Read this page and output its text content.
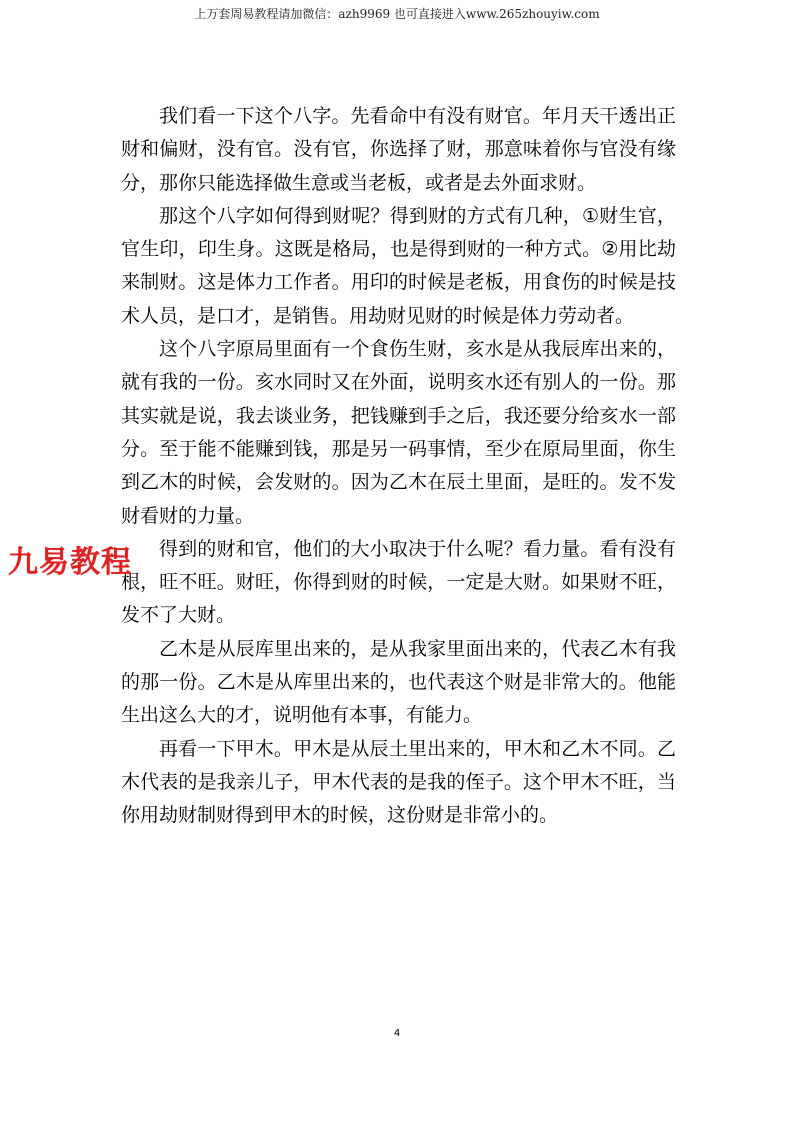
上万套周易教程请加微信：azh9969 也可直接进入www.265zhouyiw.com

我们看一下这个八字。先看命中有没有财官。年月天干透出正财和偏财，没有官。没有官，你选择了财，那意味着你与官没有缘分，那你只能选择做生意或当老板，或者是去外面求财。

那这个八字如何得到财呢？得到财的方式有几种，①财生官，官生印，印生身。这既是格局，也是得到财的一种方式。②用比劫来制财。这是体力工作者。用印的时候是老板，用食伤的时候是技术人员，是口才，是销售。用劫财见财的时候是体力劳动者。

这个八字原局里面有一个食伤生财，亥水是从我辰库出来的，就有我的一份。亥水同时又在外面，说明亥水还有别人的一份。那其实就是说，我去谈业务，把钱赚到手之后，我还要分给亥水一部分。至于能不能赚到钱，那是另一码事情，至少在原局里面，你生到乙木的时候，会发财的。因为乙木在辰土里面，是旺的。发不发财看财的力量。

得到的财和官，他们的大小取决于什么呢？看力量。看有没有根，旺不旺。财旺，你得到财的时候，一定是大财。如果财不旺，发不了大财。

乙木是从辰库里出来的，是从我家里面出来的，代表乙木有我的那一份。乙木是从库里出来的，也代表这个财是非常大的。他能生出这么大的才，说明他有本事，有能力。

再看一下甲木。甲木是从辰土里出来的，甲木和乙木不同。乙木代表的是我亲儿子，甲木代表的是我的侄子。这个甲木不旺，当你用劫财制财得到甲木的时候，这份财是非常小的。

九易教程
4
